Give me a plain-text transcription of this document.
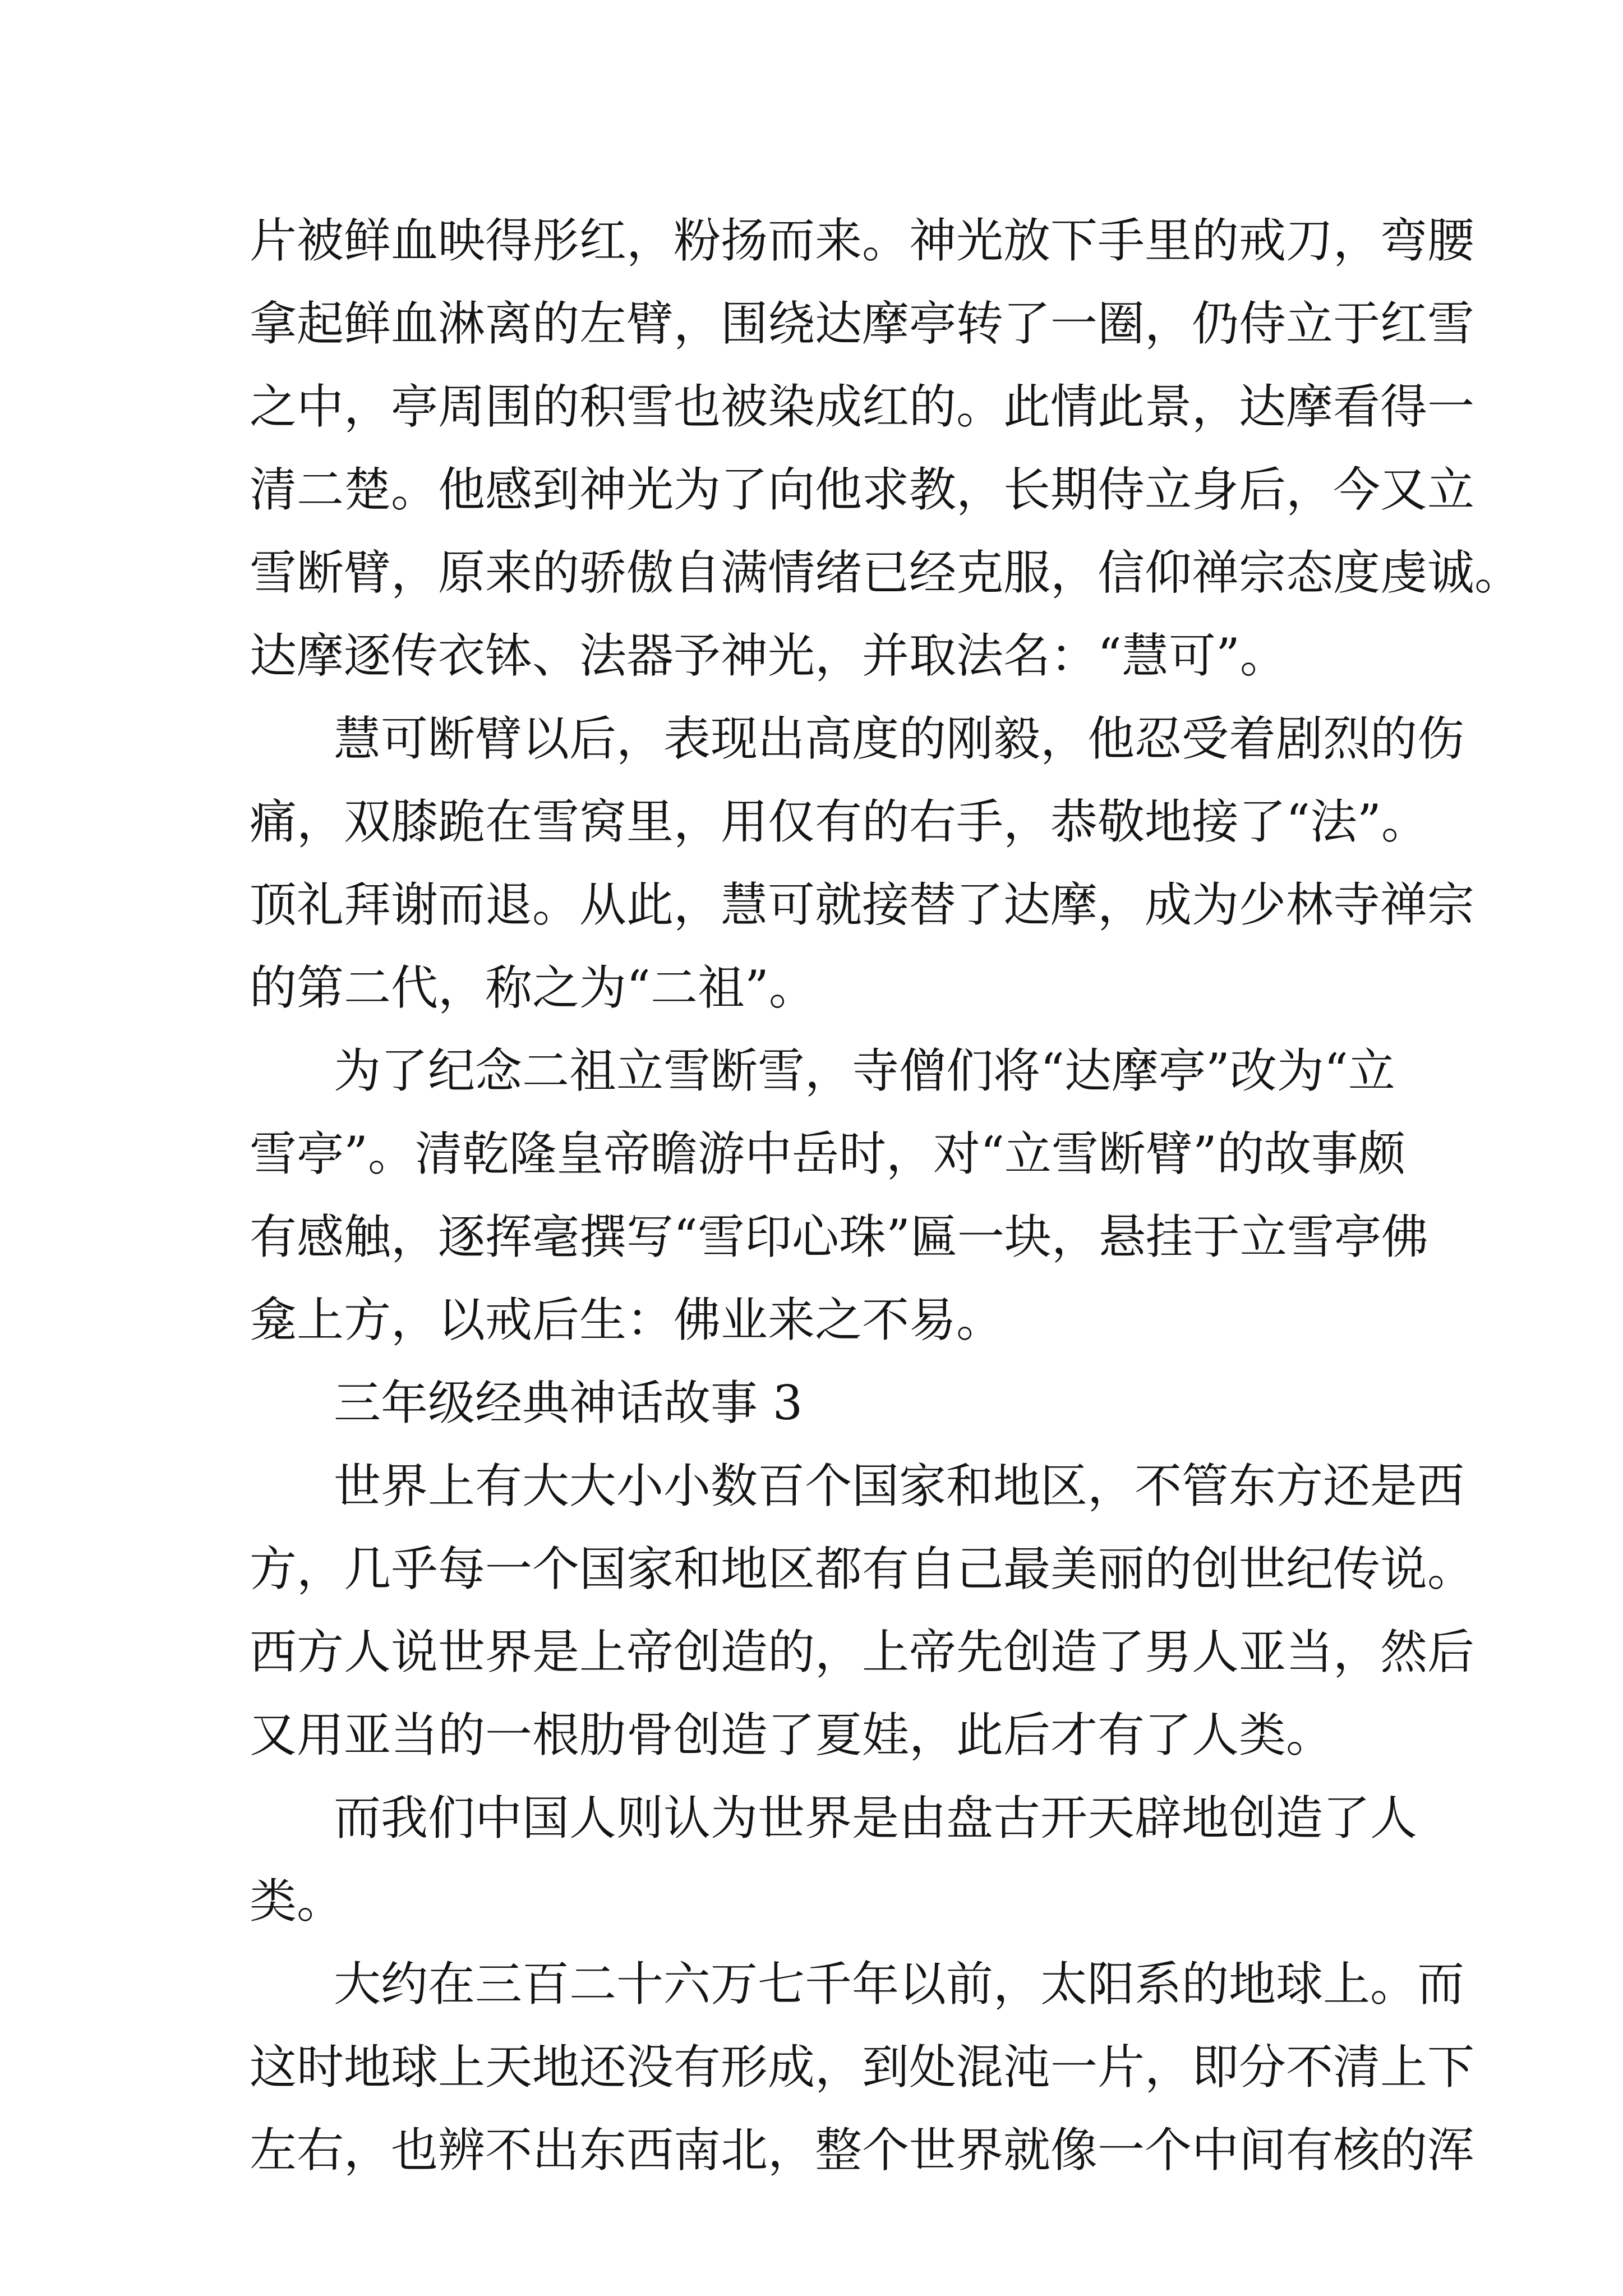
片被鲜血映得彤红，粉扬而来。神光放下手里的戒刀，弯腰
拿起鲜血淋离的左臂，围绕达摩亭转了一圈，仍侍立于红雪
之中，亭周围的积雪也被染成红的。此情此景，达摩看得一
清二楚。他感到神光为了向他求教，长期侍立身后，今又立
雪断臂，原来的骄傲自满情绪已经克服，信仰禅宗态度虔诚。
达摩逐传衣钵、法器予神光，并取法名：“慧可”。
慧可断臂以后，表现出高度的刚毅，他忍受着剧烈的伤
痛，双膝跪在雪窝里，用仅有的右手，恭敬地接了“法”。
顶礼拜谢而退。从此，慧可就接替了达摩，成为少林寺禅宗
的第二代，称之为“二祖”。
为了纪念二祖立雪断雪，寺僧们将“达摩亭”改为“立
雪亭”。清乾隆皇帝瞻游中岳时，对“立雪断臂”的故事颇
有感触，逐挥毫撰写“雪印心珠”匾一块，悬挂于立雪亭佛
龛上方，以戒后生：佛业来之不易。
三年级经典神话故事 3
世界上有大大小小数百个国家和地区，不管东方还是西
方，几乎每一个国家和地区都有自己最美丽的创世纪传说。
西方人说世界是上帝创造的，上帝先创造了男人亚当，然后
又用亚当的一根肋骨创造了夏娃，此后才有了人类。
而我们中国人则认为世界是由盘古开天辟地创造了人
类。
大约在三百二十六万七千年以前，太阳系的地球上。而
这时地球上天地还没有形成，到处混沌一片，即分不清上下
左右，也辨不出东西南北，整个世界就像一个中间有核的浑
